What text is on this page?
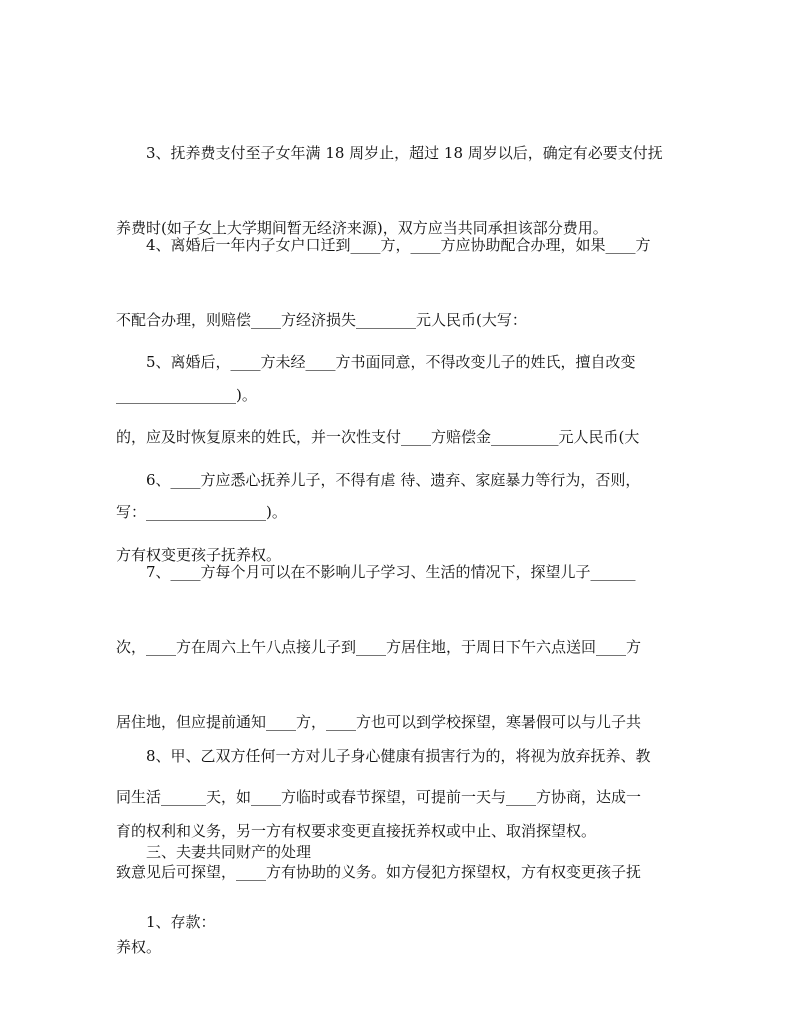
　　3、抚养费支付至子女年满 18 周岁止，超过 18 周岁以后，确定有必要支付抚

养费时(如子女上大学期间暂无经济来源)，双方应当共同承担该部分费用。

　　4、离婚后一年内子女户口迁到____方，____方应协助配合办理，如果____方

不配合办理，则赔偿____方经济损失________元人民币(大写：

________________)。

　　5、离婚后，____方未经____方书面同意，不得改变儿子的姓氏，擅自改变

的，应及时恢复原来的姓氏，并一次性支付____方赔偿金_________元人民币(大

写：________________)。

　　6、____方应悉心抚养儿子，不得有虐 待、遗弃、家庭暴力等行为，否则，

方有权变更孩子抚养权。

　　7、____方每个月可以在不影响儿子学习、生活的情况下，探望儿子______

次，____方在周六上午八点接儿子到____方居住地，于周日下午六点送回____方

居住地，但应提前通知____方，____方也可以到学校探望，寒暑假可以与儿子共

同生活______天，如____方临时或春节探望，可提前一天与____方协商，达成一

致意见后可探望，____方有协助的义务。如方侵犯方探望权，方有权变更孩子抚

养权。

　　8、甲、乙双方任何一方对儿子身心健康有损害行为的，将视为放弃抚养、教

育的权利和义务，另一方有权要求变更直接抚养权或中止、取消探望权。

　　三、夫妻共同财产的处理

　　1、存款：
